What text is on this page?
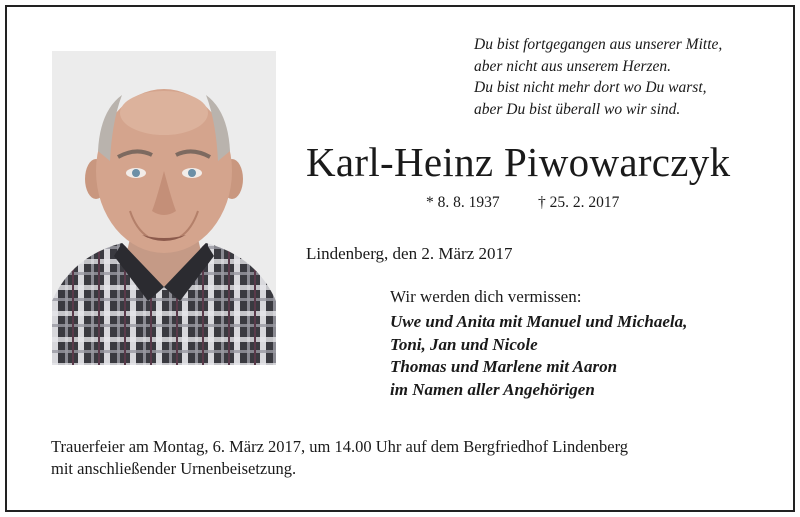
Du bist fortgegangen aus unserer Mitte,
aber nicht aus unserem Herzen.
Du bist nicht mehr dort wo Du warst,
aber Du bist überall wo wir sind.
Karl-Heinz Piwowarczyk
* 8. 8. 1937 † 25. 2. 2017
Lindenberg, den 2. März 2017
Wir werden dich vermissen:
Uwe und Anita mit Manuel und Michaela,
Toni, Jan und Nicole
Thomas und Marlene mit Aaron
im Namen aller Angehörigen
Trauerfeier am Montag, 6. März 2017, um 14.00 Uhr auf dem Bergfriedhof Lindenberg
mit anschließender Urnenbeisetzung.
